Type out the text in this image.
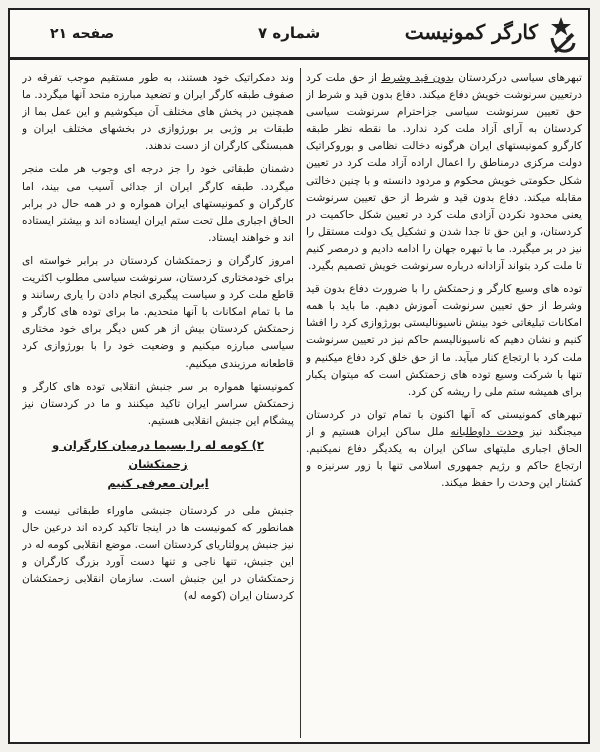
صفحه ۲۱	شماره ۷	کارگر کمونیست

تبهرهای سیاسی درکردستان بدون قید وشرط از حق ملت کرد درتعیین سرنوشت خویش دفاع میکند. دفاع بدون قید و شرط از حق تعیین سرنوشت سیاسی جزاحترام سرنوشت سیاسی کردستان به آرای آزاد ملت کرد ندارد. ما نقطه نظر طبقه کارگرو کمونیستهای ایران هرگونه دخالت نظامی و بوروکراتیک دولت مرکزی درمناطق را اعمال اراده آزاد ملت کرد در تعیین شکل حکومتی خویش محکوم و مردود دانسته و با چنین دخالتی مقابله میکند. دفاع بدون قید و شرط از حق تعیین سرنوشت یعنی محدود نکردن آزادی ملت کرد در تعیین شکل حاکمیت در کردستان، و این حق تا جدا شدن و تشکیل یک دولت مستقل را نیز در بر میگیرد. ما با تبهره جهان را ادامه دادیم و درمصر کنیم تا ملت کرد بتواند آزادانه درباره سرنوشت خویش تصمیم بگیرد.

توده های وسیع کارگر و زحمتکش را با ضرورت دفاع بدون قید وشرط از حق تعیین سرنوشت آموزش دهیم. ما باید با همه امکانات تبلیغاتی خود بینش ناسیونالیستی بورژوازی کرد را افشا کنیم و نشان دهیم که ناسیونالیسم حاکم نیز در تعیین سرنوشت ملت کرد با ارتجاع کنار میآید. ما از حق خلق کرد دفاع میکنیم و تنها با شرکت وسیع توده های زحمتکش است که میتوان یکبار برای همیشه ستم ملی را ریشه کن کرد.

تبهرهای کمونیستی که آنها اکنون با تمام توان در کردستان میجنگند نیز وحدت داوطلبانه ملل ساکن ایران هستیم و از الحاق اجباری ملیتهای ساکن ایران به یکدیگر دفاع نمیکنیم. ارتجاع حاکم و رژیم جمهوری اسلامی تنها با زور سرنیزه و کشتار این وحدت را حفظ میکند.

وند دمکراتیک خود هستند، به طور مستقیم موجب تفرقه در صفوف طبقه کارگر ایران و تضعید مبارزه متحد آنها میگردد. ما همچنین در پخش های مختلف آن میکوشیم و این عمل بما از طبقات بر وژبی بر بورژوازی در بخشهای مختلف ایران و همبستگی کارگران از دست ندهند.

دشمنان طبقاتی خود را جز درجه ای وجوب هر ملت منجر میگردد. طبقه کارگر ایران از جدائی آسیب می بیند، اما کارگران و کمونیستهای ایران همواره و در همه حال در برابر الحاق اجباری ملل تحت ستم ایران ایستاده اند و بیشتر ایستاده اند و خواهند ایستاد.

امروز کارگران و زحمتکشان کردستان در برابر خواسته ای برای خودمختاری کردستان، سرنوشت سیاسی مطلوب اکثریت قاطع ملت کرد و سیاست پیگیری انجام دادن را یاری رسانند و ما با تمام امکانات با آنها متحدیم. ما برای توده های کارگر و زحمتکش کردستان بیش از هر کس دیگر برای خود مختاری سیاسی مبارزه میکنیم و وضعیت خود را با بورژوازی کرد قاطعانه مرزبندی میکنیم.

کمونیستها همواره بر سر جنبش انقلابی توده های کارگر و زحمتکش سراسر ایران تاکید میکنند و ما در کردستان نیز پیشگام این جنبش انقلابی هستیم.

۲) کومه له را بسیما درمیان کارگران و زحمتکشان
ایران معرفی کنیم

جنبش ملی در کردستان جنبشی ماوراء طبقاتی نیست و همانطور که کمونیست ها در اینجا تاکید کرده اند درعین حال نیز جنبش پرولتاریای کردستان است. موضع انقلابی کومه له در این جنبش، تنها ناجی و تنها دست آورد بزرگ کارگران و زحمتکشان در این جنبش است. سازمان انقلابی زحمتکشان کردستان ایران (کومه له)
